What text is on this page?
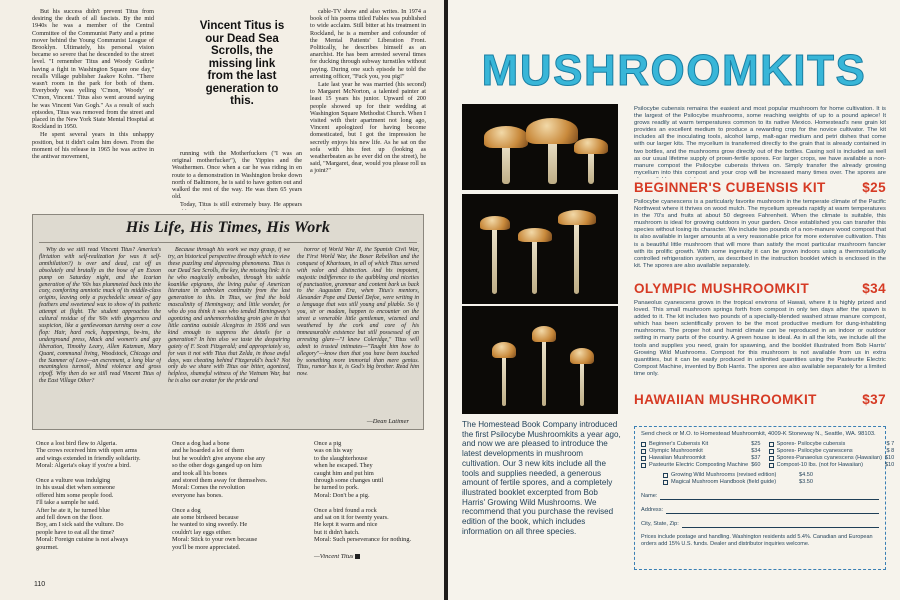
But his success didn't prevent Titus from desiring the death of all fascists. By the mid 1940s he was a member of the Central Committee of the Communist Party and a prime mover behind the Young Communist League of Brooklyn. Ultimately, his personal vision became so severe that he descended to the street level. "I remember Titus and Woody Guthrie having a fight in Washington Square one day," recalls Village publisher Jaakov Kohn. "There wasn't room in the park for both of them. Everybody was yelling 'C'mon, Woody' or 'C'mon, Vincent.' Titus also went around saying he was Vincent Van Gogh." As a result of such episodes, Titus was removed from the street and placed in the New York State Mental Hospital at Rockland in 1950.

He spent several years in this unhappy position, but it didn't calm him down. From the moment of his release in 1965 he was active in the antiwar movement,

Vincent Titus is our Dead Sea Scrolls, the missing link from the last generation to this.

running with the Motherfuckers ("I was an original motherfucker"), the Yippies and the Weathermen. Once when a car he was riding in en route to a demonstration in Washington broke down north of Baltimore, he is said to have gotten out and walked the rest of the way. He was then 65 years old.

Today, Titus is still extremely busy. He appears

cable-TV show and also writes. In 1974 a book of his poems titled Fables was published to wide acclaim. Still bitter at his treatment in Rockland, he is a member and cofounder of the Mental Patients' Liberation Front. Politically, he describes himself as an anarchist. He has been arrested several times for ducking through subway turnstiles without paying. During one such episode he told the arresting officer, "Fuck you, you pig!"

Late last year he was married (his second) to Margaret McNorton, a talented painter at least 15 years his junior. Upward of 200 people showed up for their wedding at Washington Square Methodist Church. When I visited with their apartment not long ago, Vincent apologized for having become domesticated, but I got the impression he secretly enjoys his new life. As he sat on the sofa with his feet up (looking as weatherbeaten as he ever did on the street), he said, "Margaret, dear, would you please roll us a joint?"

His Life, His Times, His Work

Why do we still read Vincent Titus? America's flirtation with self-realization for was it self-annihilation?) is over and dead, cut off as absolutely and brutally as the hose of an Exxon pump on Saturday night, and the Icarian generation of the '60s has plummeted back into the cozy, comforting amniotic muck of its middle-class origins, leaving only a psychedelic smear of gay feathers and sweetened wax to show of its pathetic attempt at flight. The student approaches the cultural residue of the '60s with gingerness and suspicion, like a gentlewoman turning over a cow flop: Hair, hard rock, happenings, be-ins, the underground press, Mack and women's and gay liberation, Timothy Leary, Allen Katzman, Mary Quant, communal living, Woodstock, Chicago and the Summer of Love—an excrement, a long blur of meaningless turmoil, blind violence and gross ripoff. Why then do we still read Vincent Titus of the East Village Other?

Because through his work we may grasp, if we try, an historical perspective through which to view these puzzling and depressing phenomena. Titus is our Dead Sea Scrolls, the key, the missing link: it is he who magically embodies, through his subtle koanlike epigrams, the living pulse of American literature in unbroken continuity from the last generation to this. In Titus, we find the bold masculinity of Hemingway; and little wonder, for who do you think it was who tended Hemingway's agonizing and unhemorrhoiding groin give in that little cantina outside Alcegiras in 1936 and was kind enough to suppress the details for a generation? In him also we taste the despairing gaiety of F. Scott Fitzgerald; and appropriately so, for was it not with Titus that Zelda, in those awful days, was cheating behind Fitzgerald's back? Not only do we share with Titus our bitter, agonized, helpless, shameful witness of the Vietnam War, but he is also our avatar for the pride and

horror of World War II, the Spanish Civil War, the First World War, the Boxer Rebellion and the conquest of Khartoum, in all of which Titus served with valor and distinction. And his impotent, majestic indifference to the quibbling and niceties of punctuation, grammar and content bark us back to the Augustan Era, when Titus's mentors, Alexander Pope and Daniel Defoe, were writing in a language that was still young and pliable. So if you, sir or madam, happen to encounter on the street a venerable little gentleman, wizened and weathered by the cork and core of his immeasurable existence but still possessed of an arresting glare—"I knew Coleridge," Titus will admit to trusted intimates—"Taught him how to allegory"—know then that you have been touched by something more immortal than mere genius. Titus, rumor has it, is God's big brother. Read him now.

—Dean Latimer
Once a lost bird flew to Algeria.
The crows received him with open arms
and wings extended in friendly solidarity.
Moral: Algeria's okay if you're a bird.
Once a vulture was indulging
in his usual diet when someone
offered him some people food.
I'll take a sample he said.
After he ate it, he turned blue
and fell down on the floor.
Boy, am I sick said the vulture. Do
people have to eat all the time?
Moral: Foreign cuisine is not always
gourmet.
Once a dog had a bone
and he hoarded a lot of them
but he wouldn't give anyone else any
so the other dogs ganged up on him
and took all his bones
and stored them away for themselves.
Moral: Comes the revolution
everyone has bones.
Once a dog
ate some birdseed because
he wanted to sing sweetly. He
couldn't lay eggs either.
Moral: Stick to your own because
you'll be more appreciated.
Once a pig
was on his way
to the slaughterhouse
when he escaped. They
caught him and put him
through some changes until
he turned to pork.
Moral: Don't be a pig.
Once a bird found a rock
and sat on it for twenty years.
He kept it warm and nice
but it didn't hatch.
Moral: Such perseverance for nothing.
—Vincent Titus
110
MUSHROOMKITS
Psilocybe cubensis remains the easiest and most popular mushroom for home cultivation. It is the largest of the Psilocybe mushrooms, some reaching weights of up to a pound apiece! It grows readily at warm temperatures common to its native Mexico. Homestead's new grain kit provides an excellent medium to produce a rewarding crop for the novice cultivator. The kit includes all the inoculating tools, alcohol lamp, malt-agar medium and petri dishes that come with our larger kits. The mycelium is transferred directly to the grain that is already contained in two bottles, and the mushrooms grow directly out of the bottles. Casing soil is included as well as our usual lifetime supply of prown-fertile spores. For larger crops, we have available a non-manure compost the Psilocybe cubensis thrives on. Simply transfer the already growing mycelium into this compost and your crop will be increased many times over. The spores are
BEGINNER'S CUBENSIS KIT	$25
Psilocybe cyanescens is a particularly favorite mushroom in the temperate climate of the Pacific Northwest where it thrives on wood mulch. The mycelium spreads rapidly at warm temperatures in the 70's and fruits at about 50 degrees Fahrenheit. When the climate is suitable, this mushroom is ideal for growing outdoors in your garden. Once established you can transfer this species without losing its character. We include two pounds of a non-manure wood compost that is also available in larger amounts at a very reasonable price for more extensive cultivation. This is a beautiful little mushroom that will more than satisfy the most particular mushroom fancier with its prolific growth. With some ingenuity it can be grown indoors using a thermostatically controlled refrigeration system, as described in the instruction booklet which is enclosed in the kit. The spores are also available separately.
OLYMPIC MUSHROOMKIT	$34
Panaeolus cyanescens grows in the tropical environs of Hawaii, where it is highly prized and loved. This small mushroom springs forth from compost in only ten days after the spawn is added to it. The kit includes two pounds of a specially-blended washed straw manure compost, which has been scientifically proven to be the most productive medium for dung-inhabiting mushrooms. The proper hot and humid climate can be reproduced in an indoor or outdoor setting in many parts of the country. A green house is ideal. As in all the kits, we include all the tools and supplies you need, grain for spawning, and the booklet illustrated from Bob Harris' Growing Wild Mushrooms. Compost for this mushroom is not available from us in extra quantities, but it can be easily produced in unlimited quantities using the Pasteurite Electric Compost Machine, invented by Bob Harris. The spores are also available separately for a limited time only.
HAWAIIAN MUSHROOMKIT	$37
The Homestead Book Company introduced the first Psilocybe Mushroomkits a year ago, and now we are pleased to introduce the latest developments in mushroom cultivation. Our 3 new kits include all the tools and supplies needed, a generous amount of fertile spores, and a completely illustrated booklet excerpted from Bob Harris' Growing Wild Mushrooms. We recommend that you purchase the revised edition of the book, which includes information on all three species.
Send check or M.O. to Homestead Mushroomkit, 4009-K Stoneway N., Seattle, WA. 98103.
Beginner's Cubensis Kit	$25
Olympic Mushroomkit	$34
Hawaiian Mushroomkit	$37
Pasteurite Electric Composting Machine $60
Spores- Psilocybe cubensis	$ 7
Spores- Psilocybe cyanescens	$ 8
Spores-Panaeolus cyanescens (Hawaiian) $10
Compost-10 lbs. (not for Hawaiian)	$10
Growing Wild Mushrooms (revised edition)	$4.50
Magical Mushroom Handbook (field guide)	$3.50
Name:
Address:
City, State, Zip:
Prices include postage and handling. Washington residents add 5.4%. Canadian and European orders add 15% U.S. funds. Dealer and distributor inquiries welcome.
